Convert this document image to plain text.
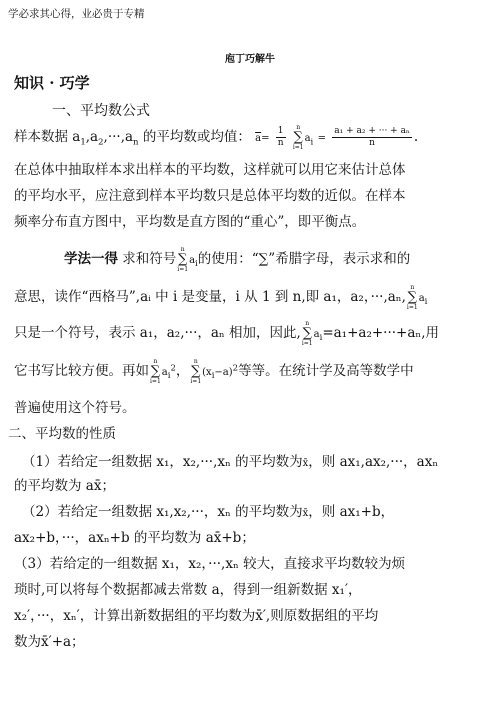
学必求其心得，业必贵于专精
庖丁巧解牛
知识 · 巧学
一、平均数公式
样本数据 $a_1,a_2,\cdot\cdot\cdot,a_n$ 的平均数或均值： $\overline{a}= \frac{1}{n}$
n
∑
i=1
$a_i = \frac{\text{a₁ + a₂ + ··· + aₙ}}{n}$ .
在总体中抽取样本求出样本的平均数，这样就可以用它来估计总体
的平均水平，应注意到样本平均数只是总体平均数的近似。在样本
频率分布直方图中，平均数是直方图的“重心”，即平衡点。
学法一得 求和符号
n
∑
i=1
$a_i$的使用：“∑”希腊字母，表示求和的
意思，读作“西格马”,aᵢ 中 i 是变量，i 从 1 到 n,即 a₁，a₂，···,aₙ,
n
∑
i=1
$a_i$
只是一个符号，表示 a₁，a₂,···，aₙ 相加，因此,
n
∑
i=1
$a_i=a_1+a_2+\cdot\cdot\cdot+a_n$,用
它书写比较方便。再如
n
∑
i=1
$a_i^2$，
n
∑
i=1
$(x_i-a)^2$等等。在统计学及高等数学中
普遍使用这个符号。
二、平均数的性质
（1）若给定一组数据 x₁，x₂,···,xₙ 的平均数为x̄，则 ax₁,ax₂,···，axₙ
的平均数为 ax̄；
（2）若给定一组数据 x₁,x₂,···，xₙ 的平均数为x̄，则 ax₁+b，
ax₂+b，···，axₙ+b 的平均数为 ax̄+b；
（3）若给定的一组数据 x₁，x₂，···,xₙ 较大，直接求平均数较为烦
琐时,可以将每个数据都减去常数 a，得到一组新数据 x₁′，
x₂′，···，xₙ′，计算出新数据组的平均数为x̄′,则原数据组的平均
数为x̄′+a；
